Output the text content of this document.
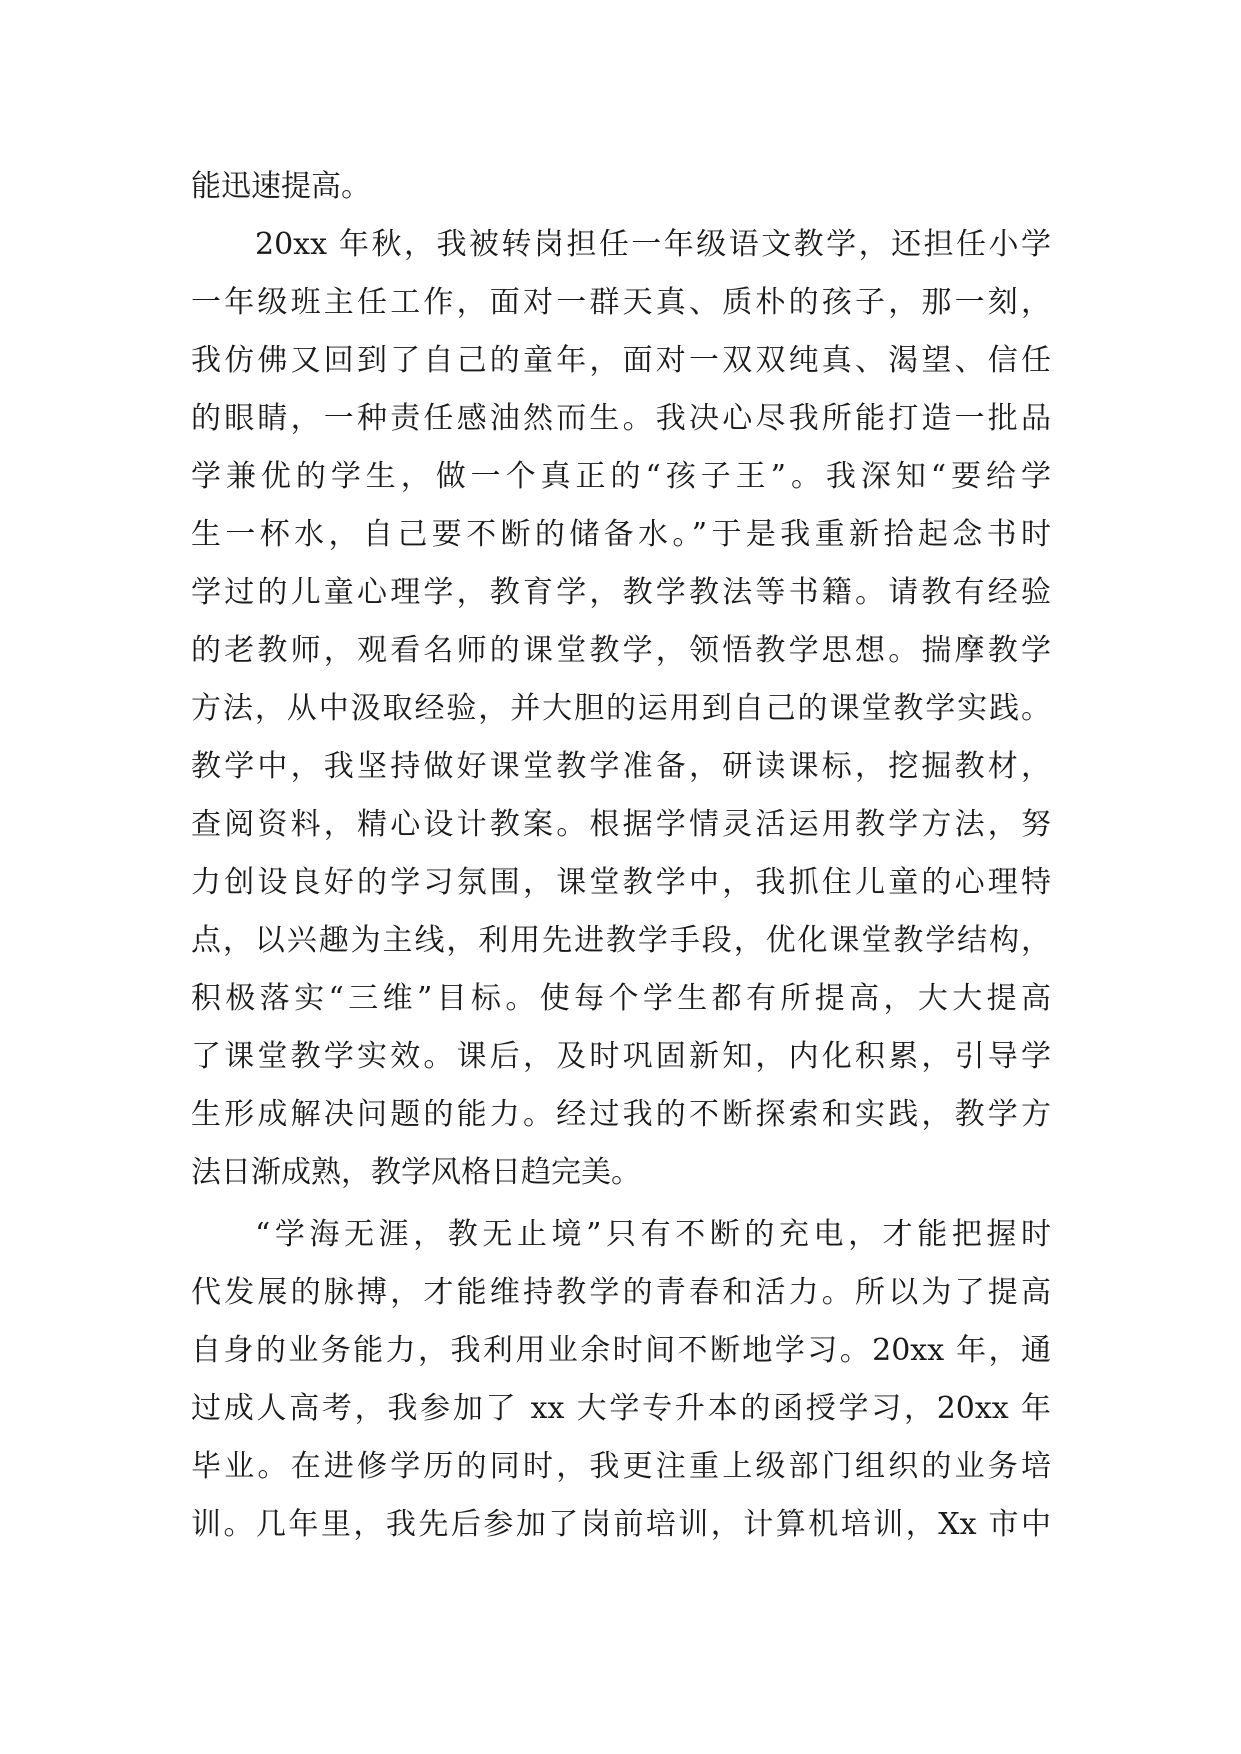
能迅速提高。
20xx 年秋，我被转岗担任一年级语文教学，还担任小学
一年级班主任工作，面对一群天真、质朴的孩子，那一刻，
我仿佛又回到了自己的童年，面对一双双纯真、渴望、信任
的眼睛，一种责任感油然而生。我决心尽我所能打造一批品
学兼优的学生，做一个真正的“孩子王”。我深知“要给学
生一杯水，自己要不断的储备水。”于是我重新拾起念书时
学过的儿童心理学，教育学，教学教法等书籍。请教有经验
的老教师，观看名师的课堂教学，领悟教学思想。揣摩教学
方法，从中汲取经验，并大胆的运用到自己的课堂教学实践。
教学中，我坚持做好课堂教学准备，研读课标，挖掘教材，
查阅资料，精心设计教案。根据学情灵活运用教学方法，努
力创设良好的学习氛围，课堂教学中，我抓住儿童的心理特
点，以兴趣为主线，利用先进教学手段，优化课堂教学结构，
积极落实“三维”目标。使每个学生都有所提高，大大提高
了课堂教学实效。课后，及时巩固新知，内化积累，引导学
生形成解决问题的能力。经过我的不断探索和实践，教学方
法日渐成熟，教学风格日趋完美。
“学海无涯，教无止境”只有不断的充电，才能把握时
代发展的脉搏，才能维持教学的青春和活力。所以为了提高
自身的业务能力，我利用业余时间不断地学习。20xx 年，通
过成人高考，我参加了 xx 大学专升本的函授学习，20xx 年
毕业。在进修学历的同时，我更注重上级部门组织的业务培
训。几年里，我先后参加了岗前培训，计算机培训，Xx 市中
